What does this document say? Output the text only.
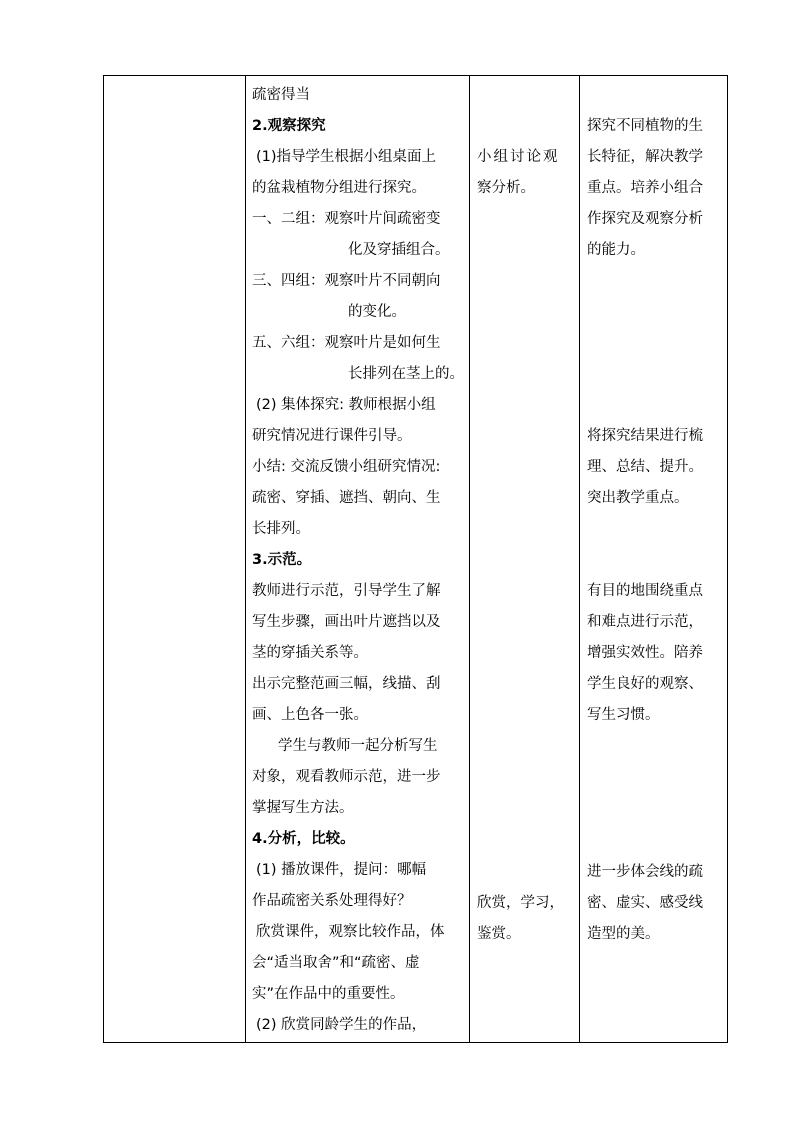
疏密得当
2.观察探究
(1)指导学生根据小组桌面上
的盆栽植物分组进行探究。
一、二组：观察叶片间疏密变
化及穿插组合。
三、四组：观察叶片不同朝向
的变化。
五、六组：观察叶片是如何生
长排列在茎上的。
(2) 集体探究: 教师根据小组
研究情况进行课件引导。
小结: 交流反馈小组研究情况:
疏密、穿插、遮挡、朝向、生
长排列。
3.示范。
教师进行示范，引导学生了解
写生步骤，画出叶片遮挡以及
茎的穿插关系等。
出示完整范画三幅，线描、刮
画、上色各一张。
学生与教师一起分析写生
对象，观看教师示范，进一步
掌握写生方法。
4.分析，比较。
(1) 播放课件，提问：哪幅
作品疏密关系处理得好？
欣赏课件，观察比较作品，体
会“适当取舍”和“疏密、虚
实”在作品中的重要性。
(2) 欣赏同龄学生的作品，
小组讨论观
察分析。
欣赏，学习，
鉴赏。
探究不同植物的生
长特征，解决教学
重点。培养小组合
作探究及观察分析
的能力。
将探究结果进行梳
理、总结、提升。
突出教学重点。
有目的地围绕重点
和难点进行示范，
增强实效性。陪养
学生良好的观察、
写生习惯。
进一步体会线的疏
密、虚实、感受线
造型的美。
